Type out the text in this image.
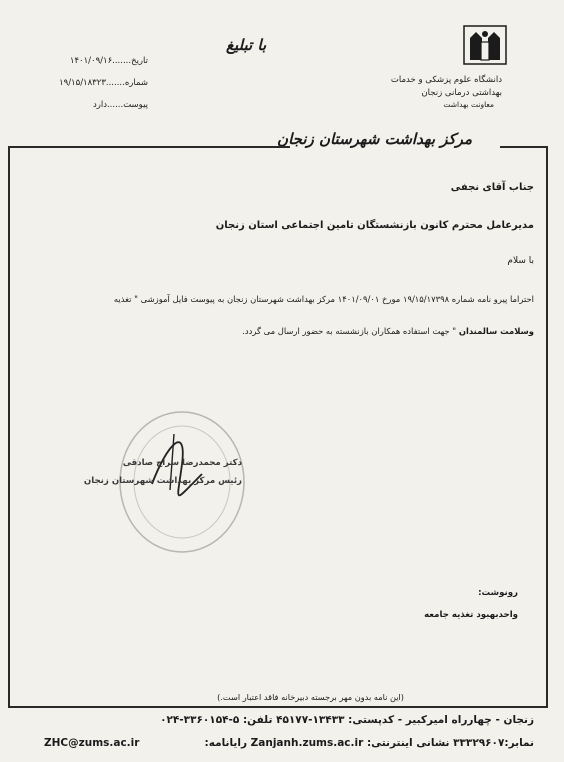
دانشگاه علوم پزشکی و خدمات
بهداشتی درمانی زنجان
معاونت بهداشت
مرکز بهداشت شهرستان زنجان
با تبلیغ
تاریخ.......۱۴۰۱/۰۹/۱۶
شماره.......۱۹/۱۵/۱۸۳۲۳
پیوست......دارد
جناب آقای نجفی
مدیرعامل محترم کانون بازنشستگان تامین اجتماعی استان زنجان
با سلام
احتراما پیرو نامه شماره ۱۹/۱۵/۱۷۳۹۸ مورخ ۱۴۰۱/۰۹/۰۱ مرکز بهداشت شهرستان زنجان به پیوست فایل آموزشی " تغذیه
وسلامت سالمندان " جهت استفاده همکاران بازنشسته به حضور ارسال می گردد.
دکتر محمدرضا سراج صادقی
رئیس مرکز بهداشت شهرستان زنجان
رونوشت:
واحدبهبود تغذیه جامعه
(این نامه بدون مهر برجسته دبیرخانه فاقد اعتبار است.)
زنجان - چهارراه امیرکبیر - کدپستی: ۱۳۴۳۳-۴۵۱۷۷ تلفن: ۵-۳۳۶۰۱۵۴-۰۲۴
نمابر:۳۳۳۲۹۶۰۷ نشانی اینترنتی: Zanjanh.zums.ac.ir رایانامه:
ZHC@zums.ac.ir
